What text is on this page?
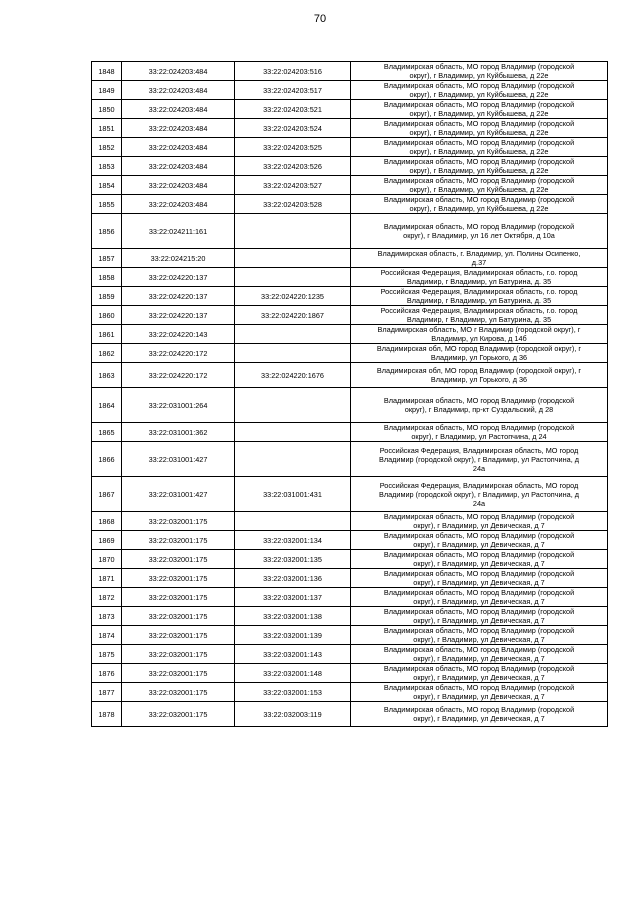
70
1848	33:22:024203:484	33:22:024203:516	Владимирская область, МО город Владимир (городской
округ), г Владимир, ул Куйбышева, д 22е

1849	33:22:024203:484	33:22:024203:517	Владимирская область, МО город Владимир (городской
округ), г Владимир, ул Куйбышева, д 22е

1850	33:22:024203:484	33:22:024203:521	Владимирская область, МО город Владимир (городской
округ), г Владимир, ул Куйбышева, д 22е

1851	33:22:024203:484	33:22:024203:524	Владимирская область, МО город Владимир (городской
округ), г Владимир, ул Куйбышева, д 22е

1852	33:22:024203:484	33:22:024203:525	Владимирская область, МО город Владимир (городской
округ), г Владимир, ул Куйбышева, д 22е

1853	33:22:024203:484	33:22:024203:526	Владимирская область, МО город Владимир (городской
округ), г Владимир, ул Куйбышева, д 22е

1854	33:22:024203:484	33:22:024203:527	Владимирская область, МО город Владимир (городской
округ), г Владимир, ул Куйбышева, д 22е

1855	33:22:024203:484	33:22:024203:528	Владимирская область, МО город Владимир (городской
округ), г Владимир, ул Куйбышева, д 22е

1856	33:22:024211:161		Владимирская область, МО город Владимир (городской
округ), г Владимир, ул 16 лет Октября, д 10а

1857	33:22:024215:20		Владимирская область, г. Владимир, ул. Полины Осипенко,
д.37

1858	33:22:024220:137		Российская Федерация, Владимирская область, г.о. город
Владимир, г Владимир, ул Батурина, д. 35

1859	33:22:024220:137	33:22:024220:1235	Российская Федерация, Владимирская область, г.о. город
Владимир, г Владимир, ул Батурина, д. 35

1860	33:22:024220:137	33:22:024220:1867	Российская Федерация, Владимирская область, г.о. город
Владимир, г Владимир, ул Батурина, д. 35

1861	33:22:024220:143		Владимирская область, МО г Владимир (городской округ), г
Владимир, ул Кирова, д 14б

1862	33:22:024220:172		Владимирская обл, МО город Владимир (городской округ), г
Владимир, ул Горького, д 36

1863	33:22:024220:172	33:22:024220:1676	Владимирская обл, МО город Владимир (городской округ), г
Владимир, ул Горького, д 36

1864	33:22:031001:264		Владимирская область, МО город Владимир (городской
округ), г Владимир, пр-кт Суздальский, д 28

1865	33:22:031001:362		Владимирская область, МО город Владимир (городской
округ), г Владимир, ул Растопчина, д 24

1866	33:22:031001:427		Российская Федерация, Владимирская область, МО город
Владимир (городской округ), г Владимир, ул Растопчина, д
24а

1867	33:22:031001:427	33:22:031001:431	Российская Федерация, Владимирская область, МО город
Владимир (городской округ), г Владимир, ул Растопчина, д
24а

1868	33:22:032001:175		Владимирская область, МО город Владимир (городской
округ), г Владимир, ул Девическая, д 7

1869	33:22:032001:175	33:22:032001:134	Владимирская область, МО город Владимир (городской
округ), г Владимир, ул Девическая, д 7

1870	33:22:032001:175	33:22:032001:135	Владимирская область, МО город Владимир (городской
округ), г Владимир, ул Девическая, д 7

1871	33:22:032001:175	33:22:032001:136	Владимирская область, МО город Владимир (городской
округ), г Владимир, ул Девическая, д 7

1872	33:22:032001:175	33:22:032001:137	Владимирская область, МО город Владимир (городской
округ), г Владимир, ул Девическая, д 7

1873	33:22:032001:175	33:22:032001:138	Владимирская область, МО город Владимир (городской
округ), г Владимир, ул Девическая, д 7

1874	33:22:032001:175	33:22:032001:139	Владимирская область, МО город Владимир (городской
округ), г Владимир, ул Девическая, д 7

1875	33:22:032001:175	33:22:032001:143	Владимирская область, МО город Владимир (городской
округ), г Владимир, ул Девическая, д 7

1876	33:22:032001:175	33:22:032001:148	Владимирская область, МО город Владимир (городской
округ), г Владимир, ул Девическая, д 7

1877	33:22:032001:175	33:22:032001:153	Владимирская область, МО город Владимир (городской
округ), г Владимир, ул Девическая, д 7

1878	33:22:032001:175	33:22:032003:119	Владимирская область, МО город Владимир (городской
округ), г Владимир, ул Девическая, д 7
